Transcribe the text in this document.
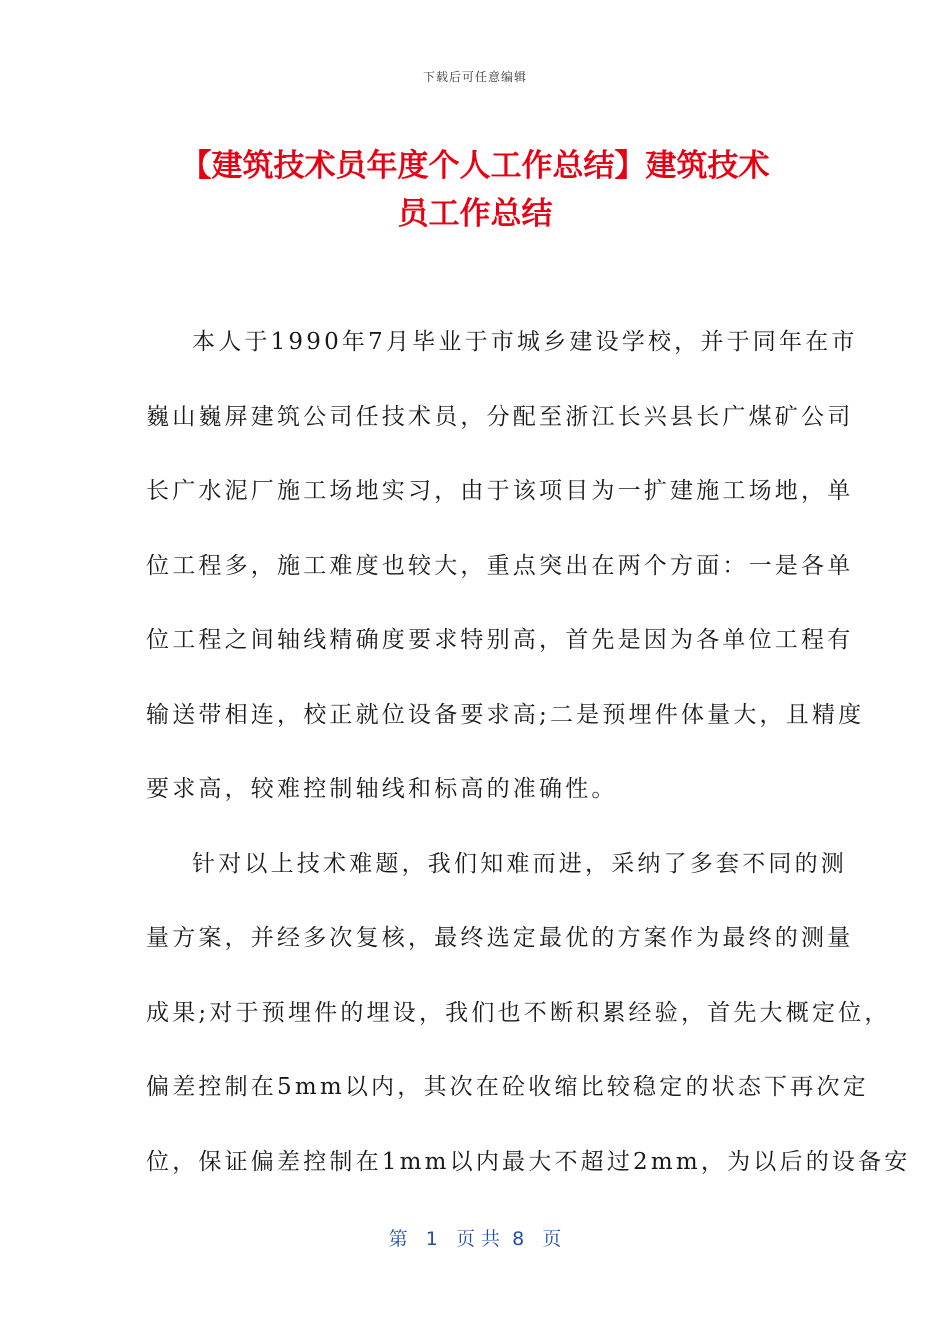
下载后可任意编辑
【建筑技术员年度个人工作总结】建筑技术
员工作总结
本人于1990年7月毕业于市城乡建设学校，并于同年在市
巍山巍屏建筑公司任技术员，分配至浙江长兴县长广煤矿公司
长广水泥厂施工场地实习，由于该项目为一扩建施工场地，单
位工程多，施工难度也较大，重点突出在两个方面：一是各单
位工程之间轴线精确度要求特别高，首先是因为各单位工程有
输送带相连，校正就位设备要求高;二是预埋件体量大，且精度
要求高，较难控制轴线和标高的准确性。
针对以上技术难题，我们知难而进，采纳了多套不同的测
量方案，并经多次复核，最终选定最优的方案作为最终的测量
成果;对于预埋件的埋设，我们也不断积累经验，首先大概定位，
偏差控制在5mm以内，其次在砼收缩比较稳定的状态下再次定
位，保证偏差控制在1mm以内最大不超过2mm，为以后的设备安
第 1 页 共 8 页
